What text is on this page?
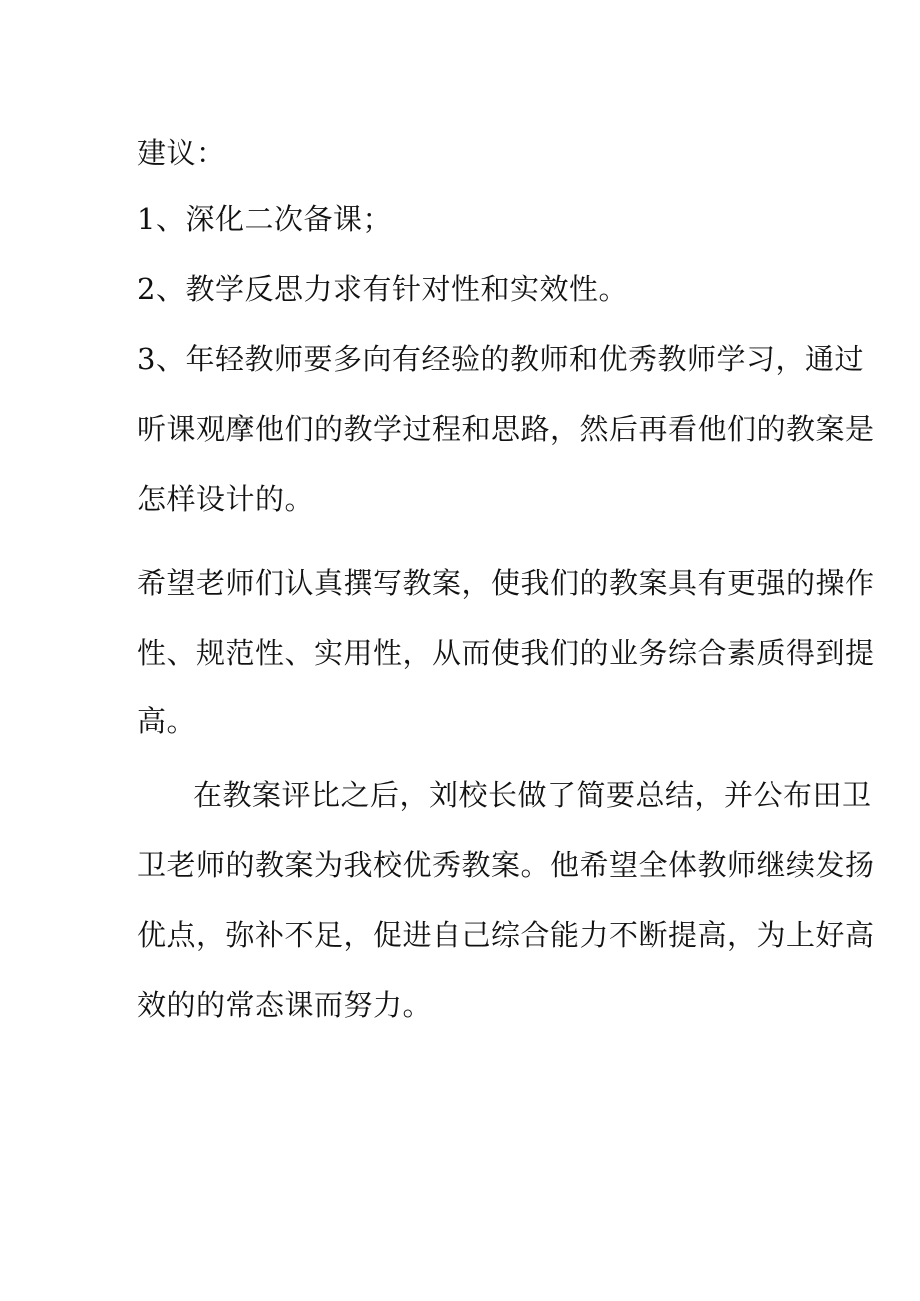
建议：
1、深化二次备课；
2、教学反思力求有针对性和实效性。
3、年轻教师要多向有经验的教师和优秀教师学习，通过
听课观摩他们的教学过程和思路，然后再看他们的教案是
怎样设计的。
希望老师们认真撰写教案，使我们的教案具有更强的操作
性、规范性、实用性，从而使我们的业务综合素质得到提
高。
在教案评比之后，刘校长做了简要总结，并公布田卫
卫老师的教案为我校优秀教案。他希望全体教师继续发扬
优点，弥补不足，促进自己综合能力不断提高，为上好高
效的的常态课而努力。
